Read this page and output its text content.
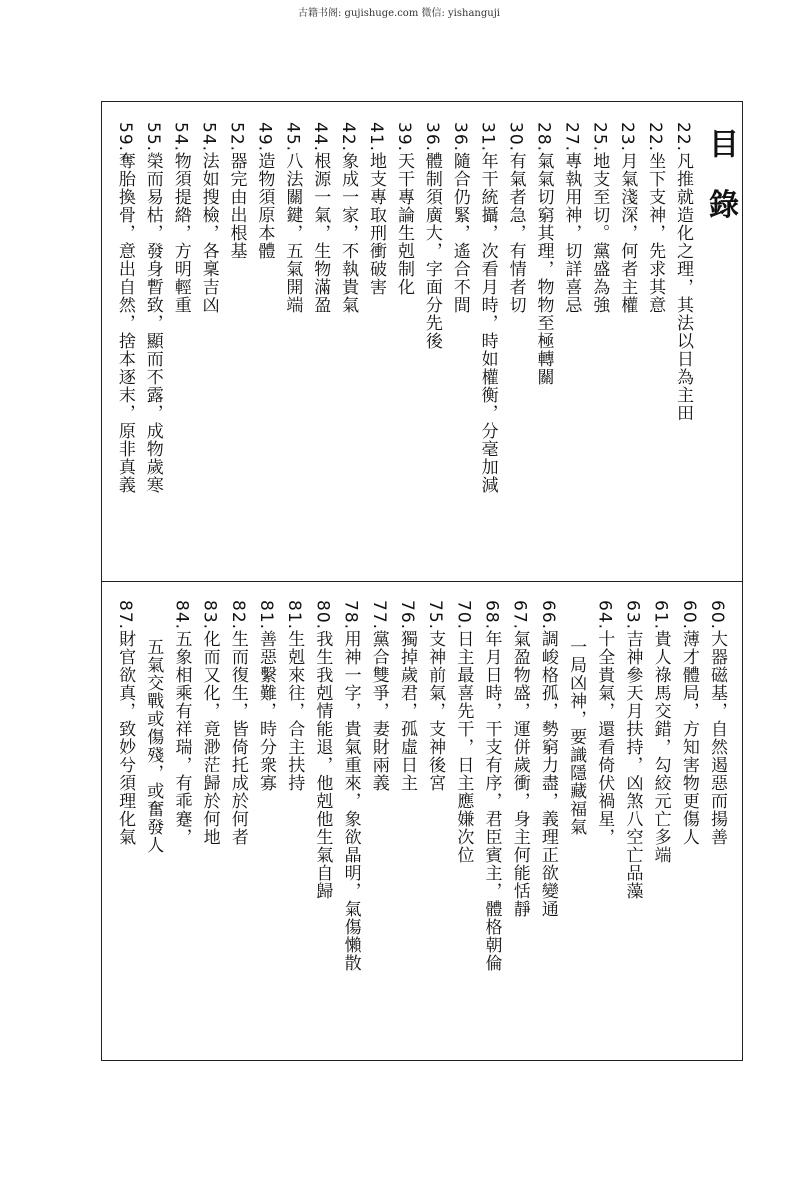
古籍书阁: gujishuge.com 微信: yishanguji
目 錄
22.凡推就造化之理，其法以日為主田
22.坐下支神，先求其意
23.月氣淺深，何者主權
25.地支至切。黨盛為強
27.專執用神，切詳喜忌
28.氣氣切窮其理，物物至極轉關
30.有氣者急，有情者切
31.年干統攝，次看月時，時如權衡，分毫加減
36.隨合仍緊，遙合不間
36.體制須廣大，字面分先後
39.天干專論生剋制化
41.地支專取刑衝破害
42.象成一家，不執貴氣
44.根源一氣，生物滿盈
45.八法關鍵，五氣開端
49.造物須原本體
52.器完由出根基
54.法如搜檢，各稟吉凶
54.物須提綹，方明輕重
55.榮而易枯，發身暫致，顯而不露，成物歲寒
59.奪胎換骨，意出自然，捨本逐末，原非真義
60.大器磁基，自然遏惡而揚善
60.薄才體局，方知害物更傷人
61.貴人祿馬交錯，勾絞元亡多端
63.吉神參天月扶持，凶煞八空亡品藻
64.十全貴氣，還看倚伏禍星，
一局凶神，要識隱藏福氣
66.調峻格孤，勢窮力盡，義理正欲變通
67.氣盈物盛，運併歲衝，身主何能恬靜
68.年月日時，干支有序，君臣賓主，體格朝倫
70.日主最喜先干，日主應嫌次位
75.支神前氣，支神後宮
76.獨掉歲君，孤虛日主
77.黨合雙爭，妻財兩義
78.用神一字，貴氣重來，象欲晶明，氣傷懶散
80.我生我剋情能退，他剋他生氣自歸
81.生剋來往，合主扶持
81.善惡繫難，時分衆寡
82.生而復生，皆倚托成於何者
83.化而又化，竟渺茫歸於何地
84.五象相乘有祥瑞，有乖蹇，
五氣交戰或傷殘，或奮發人
87.財官欲真，致妙兮須理化氣
